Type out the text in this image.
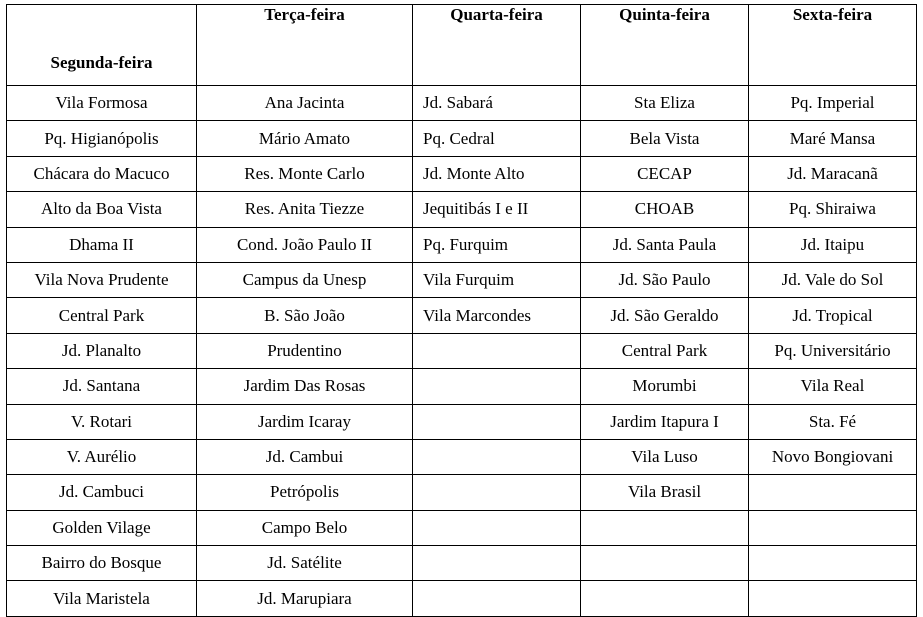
Segunda-feira	Terça-feira	Quarta-feira	Quinta-feira	Sexta-feira
Vila Formosa	Ana Jacinta	Jd. Sabará	Sta Eliza	Pq. Imperial
Pq. Higianópolis	Mário Amato	Pq. Cedral	Bela Vista	Maré Mansa
Chácara do Macuco	Res. Monte Carlo	Jd. Monte Alto	CECAP	Jd. Maracanã
Alto da Boa Vista	Res. Anita Tiezze	Jequitibás I e II	CHOAB	Pq. Shiraiwa
Dhama II	Cond. João Paulo II	Pq. Furquim	Jd. Santa Paula	Jd. Itaipu
Vila Nova Prudente	Campus da Unesp	Vila Furquim	Jd. São Paulo	Jd. Vale do Sol
Central Park	B. São João	Vila Marcondes	Jd. São Geraldo	Jd. Tropical
Jd. Planalto	Prudentino		Central Park	Pq. Universitário
Jd. Santana	Jardim Das Rosas		Morumbi	Vila Real
V. Rotari	Jardim Icaray		Jardim Itapura I	Sta. Fé
V. Aurélio	Jd. Cambui		Vila Luso	Novo Bongiovani
Jd. Cambuci	Petrópolis		Vila Brasil	
Golden Vilage	Campo Belo			
Bairro do Bosque	Jd. Satélite			
Vila Maristela	Jd. Marupiara			
